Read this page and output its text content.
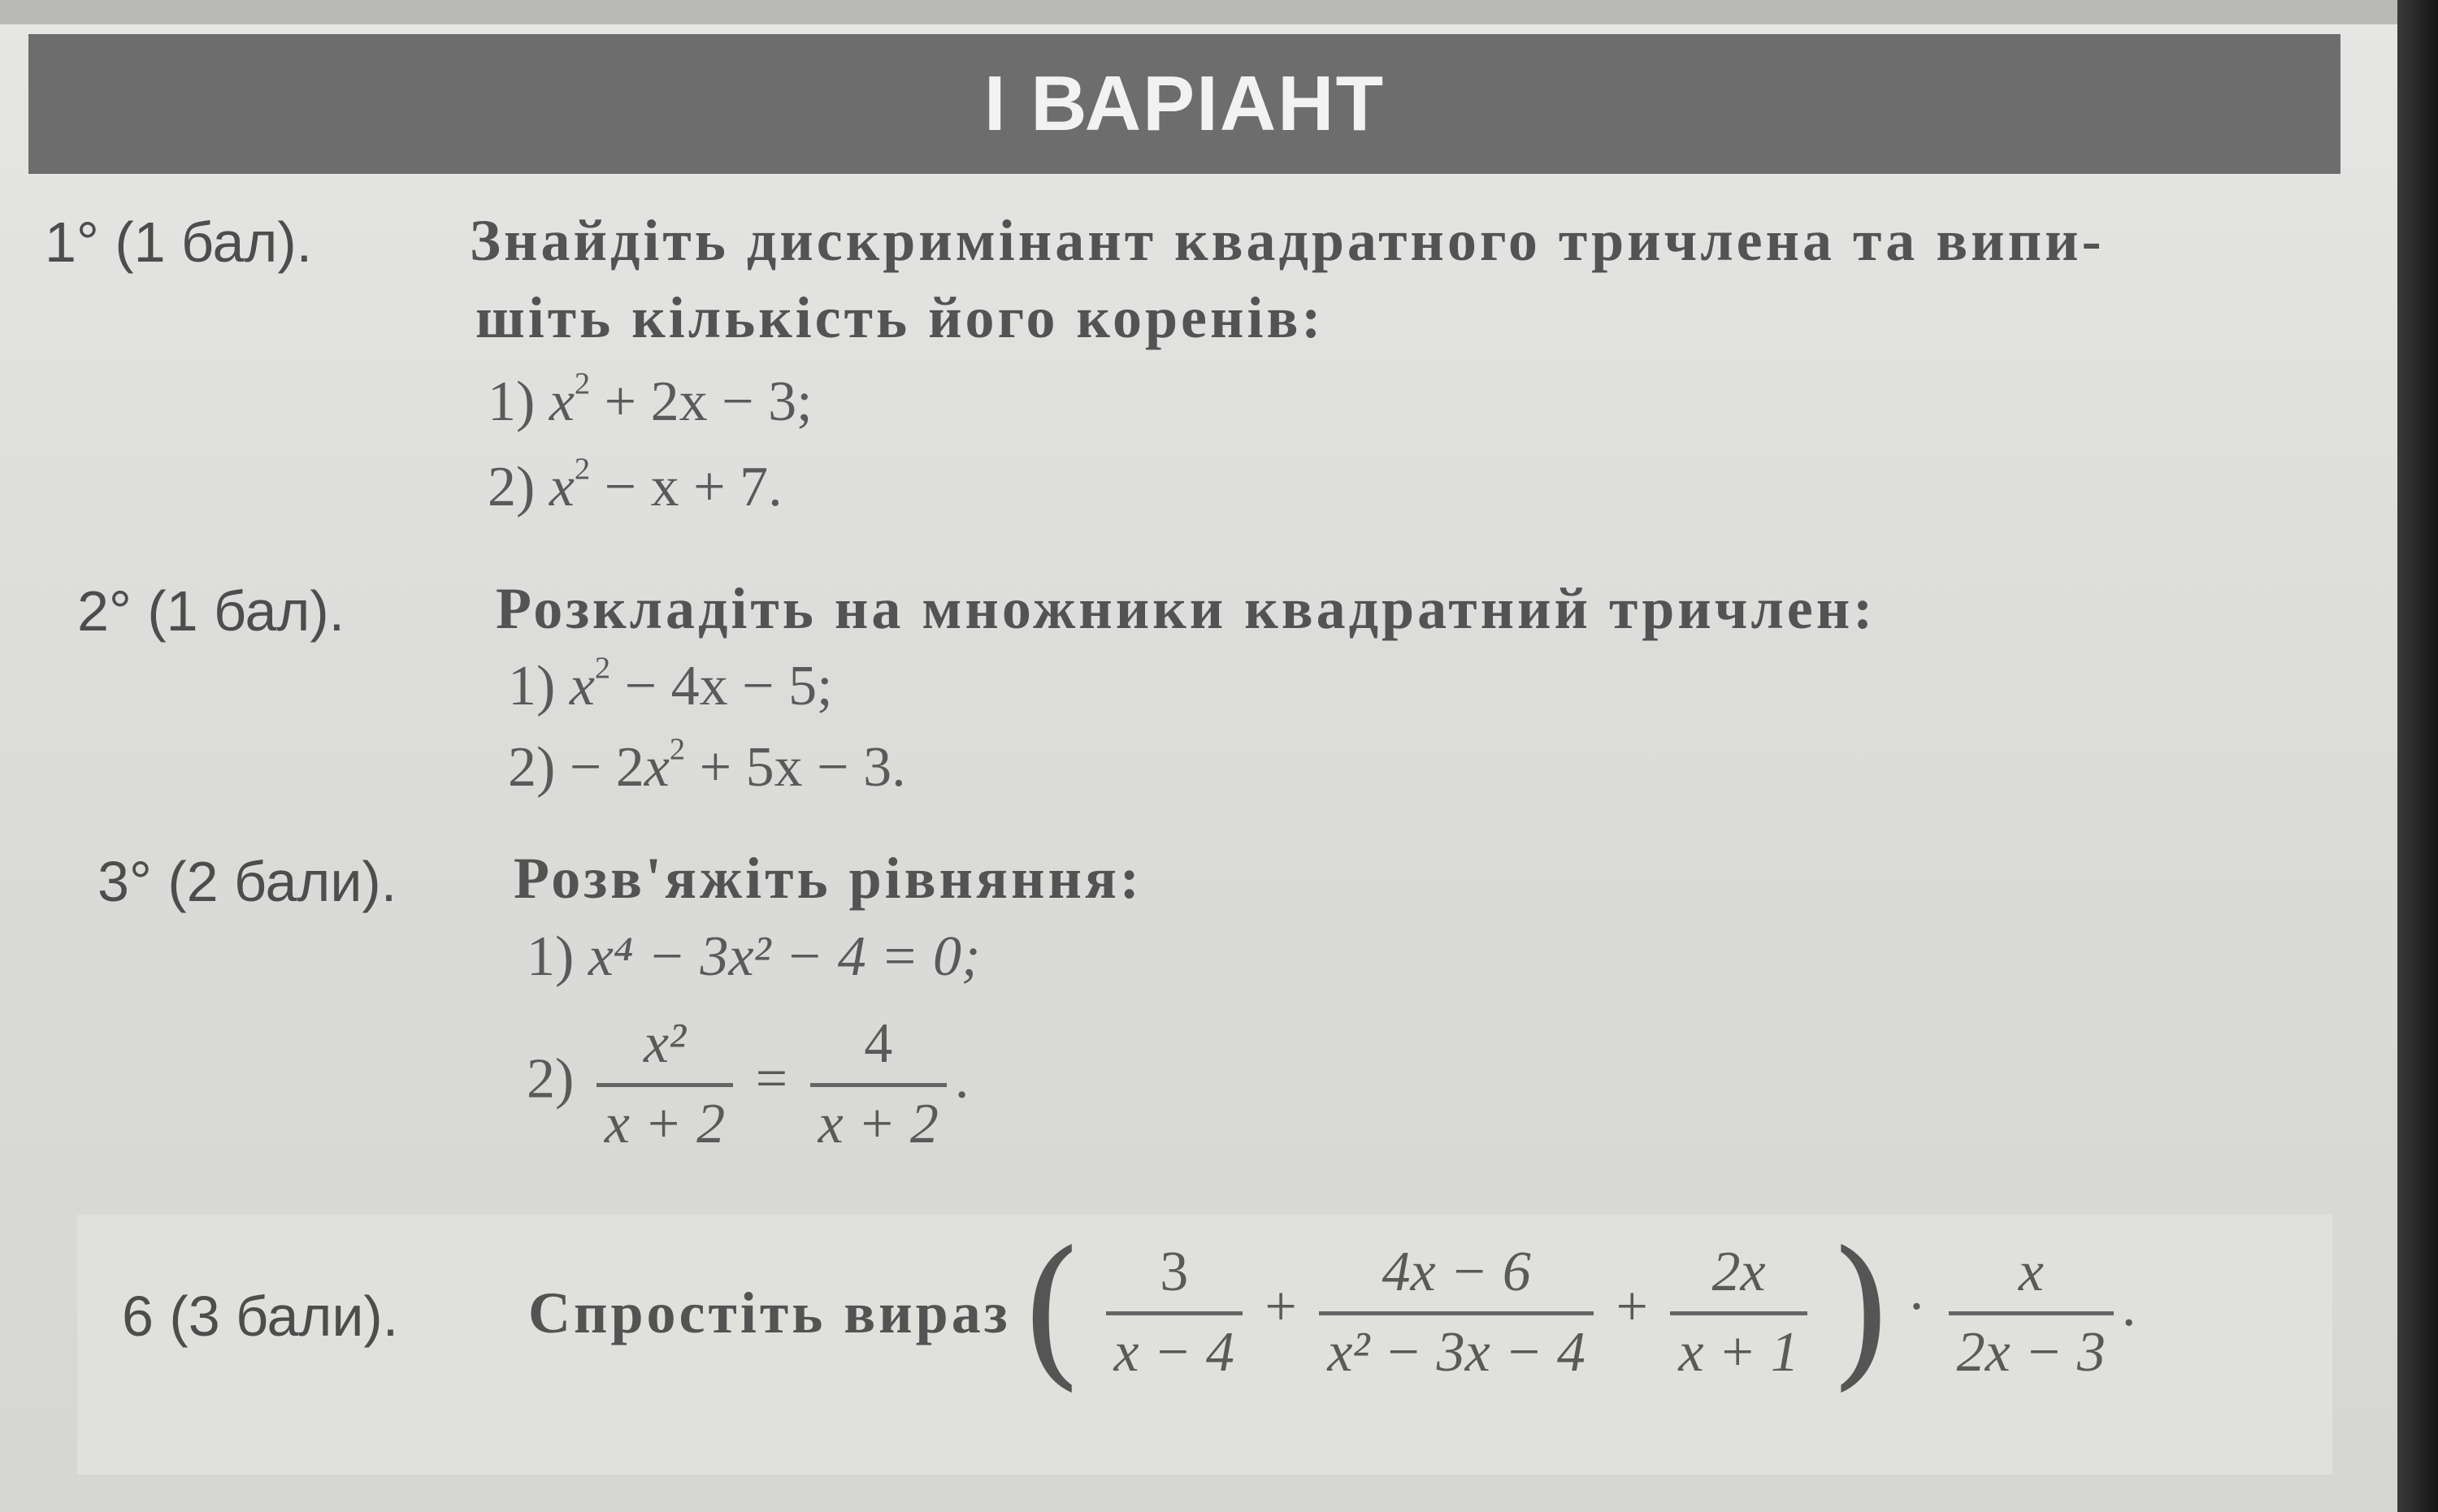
I ВАРІАНТ
1° (1 бал).	Знайдіть дискримінант квадратного тричлена та випи-
шіть кількість його коренів:
1) $x^2 + 2x - 3$;
2) $x^2 - x + 7$.
2° (1 бал).	Розкладіть на множники квадратний тричлен:
1) $x^2 - 4x - 5$;
$2) - 2x^2 + 5x - 3$.
3° (2 бали). Розв'яжіть рівняння:
1) x⁴ − 3x² − 4 = 0;
2)
x²
x + 2
=
4
x + 2
.
6 (3 бали). Спростіть вираз ( 3
x − 4
+
4x − 6
x² − 3x − 4
+
2x
x + 1 ) ·
x
2x − 3
.
